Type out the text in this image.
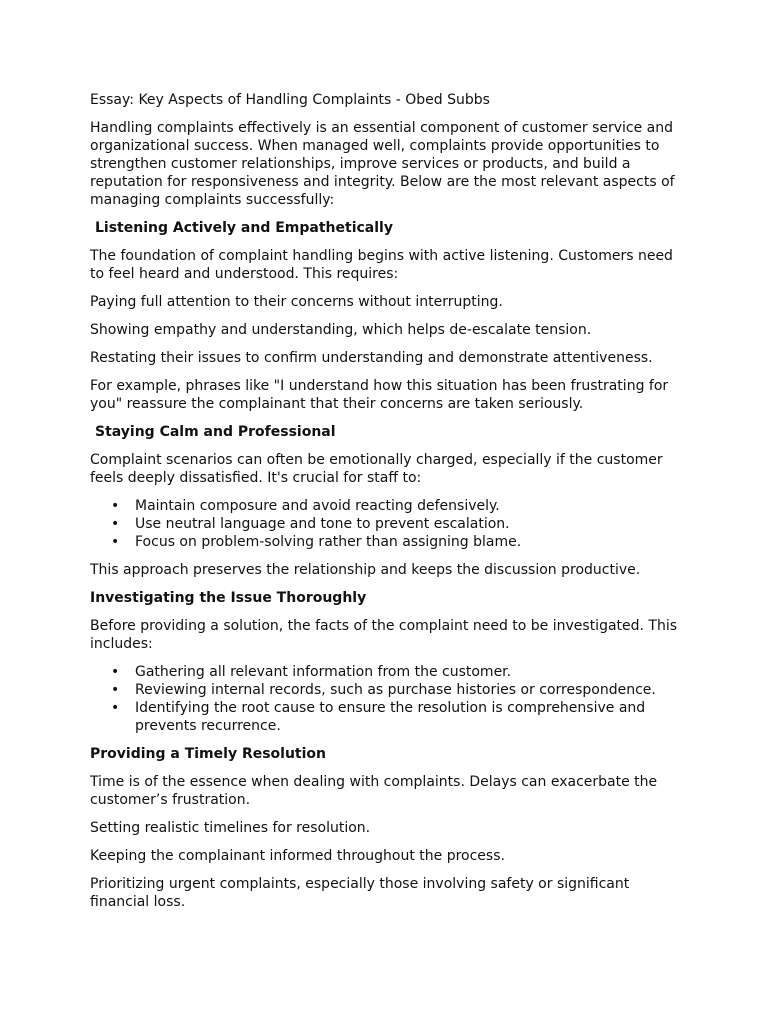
Essay: Key Aspects of Handling Complaints - Obed Subbs

Handling complaints effectively is an essential component of customer service and organizational success. When managed well, complaints provide opportunities to strengthen customer relationships, improve services or products, and build a reputation for responsiveness and integrity. Below are the most relevant aspects of managing complaints successfully:

Listening Actively and Empathetically

The foundation of complaint handling begins with active listening. Customers need to feel heard and understood. This requires:

Paying full attention to their concerns without interrupting.

Showing empathy and understanding, which helps de-escalate tension.

Restating their issues to confirm understanding and demonstrate attentiveness.

For example, phrases like "I understand how this situation has been frustrating for you" reassure the complainant that their concerns are taken seriously.

Staying Calm and Professional

Complaint scenarios can often be emotionally charged, especially if the customer feels deeply dissatisfied. It's crucial for staff to:

• Maintain composure and avoid reacting defensively.
• Use neutral language and tone to prevent escalation.
• Focus on problem-solving rather than assigning blame.

This approach preserves the relationship and keeps the discussion productive.

Investigating the Issue Thoroughly

Before providing a solution, the facts of the complaint need to be investigated. This includes:

• Gathering all relevant information from the customer.
• Reviewing internal records, such as purchase histories or correspondence.
• Identifying the root cause to ensure the resolution is comprehensive and prevents recurrence.
Providing a Timely Resolution

Time is of the essence when dealing with complaints. Delays can exacerbate the customer’s frustration.

Setting realistic timelines for resolution.

Keeping the complainant informed throughout the process.

Prioritizing urgent complaints, especially those involving safety or significant financial loss.
